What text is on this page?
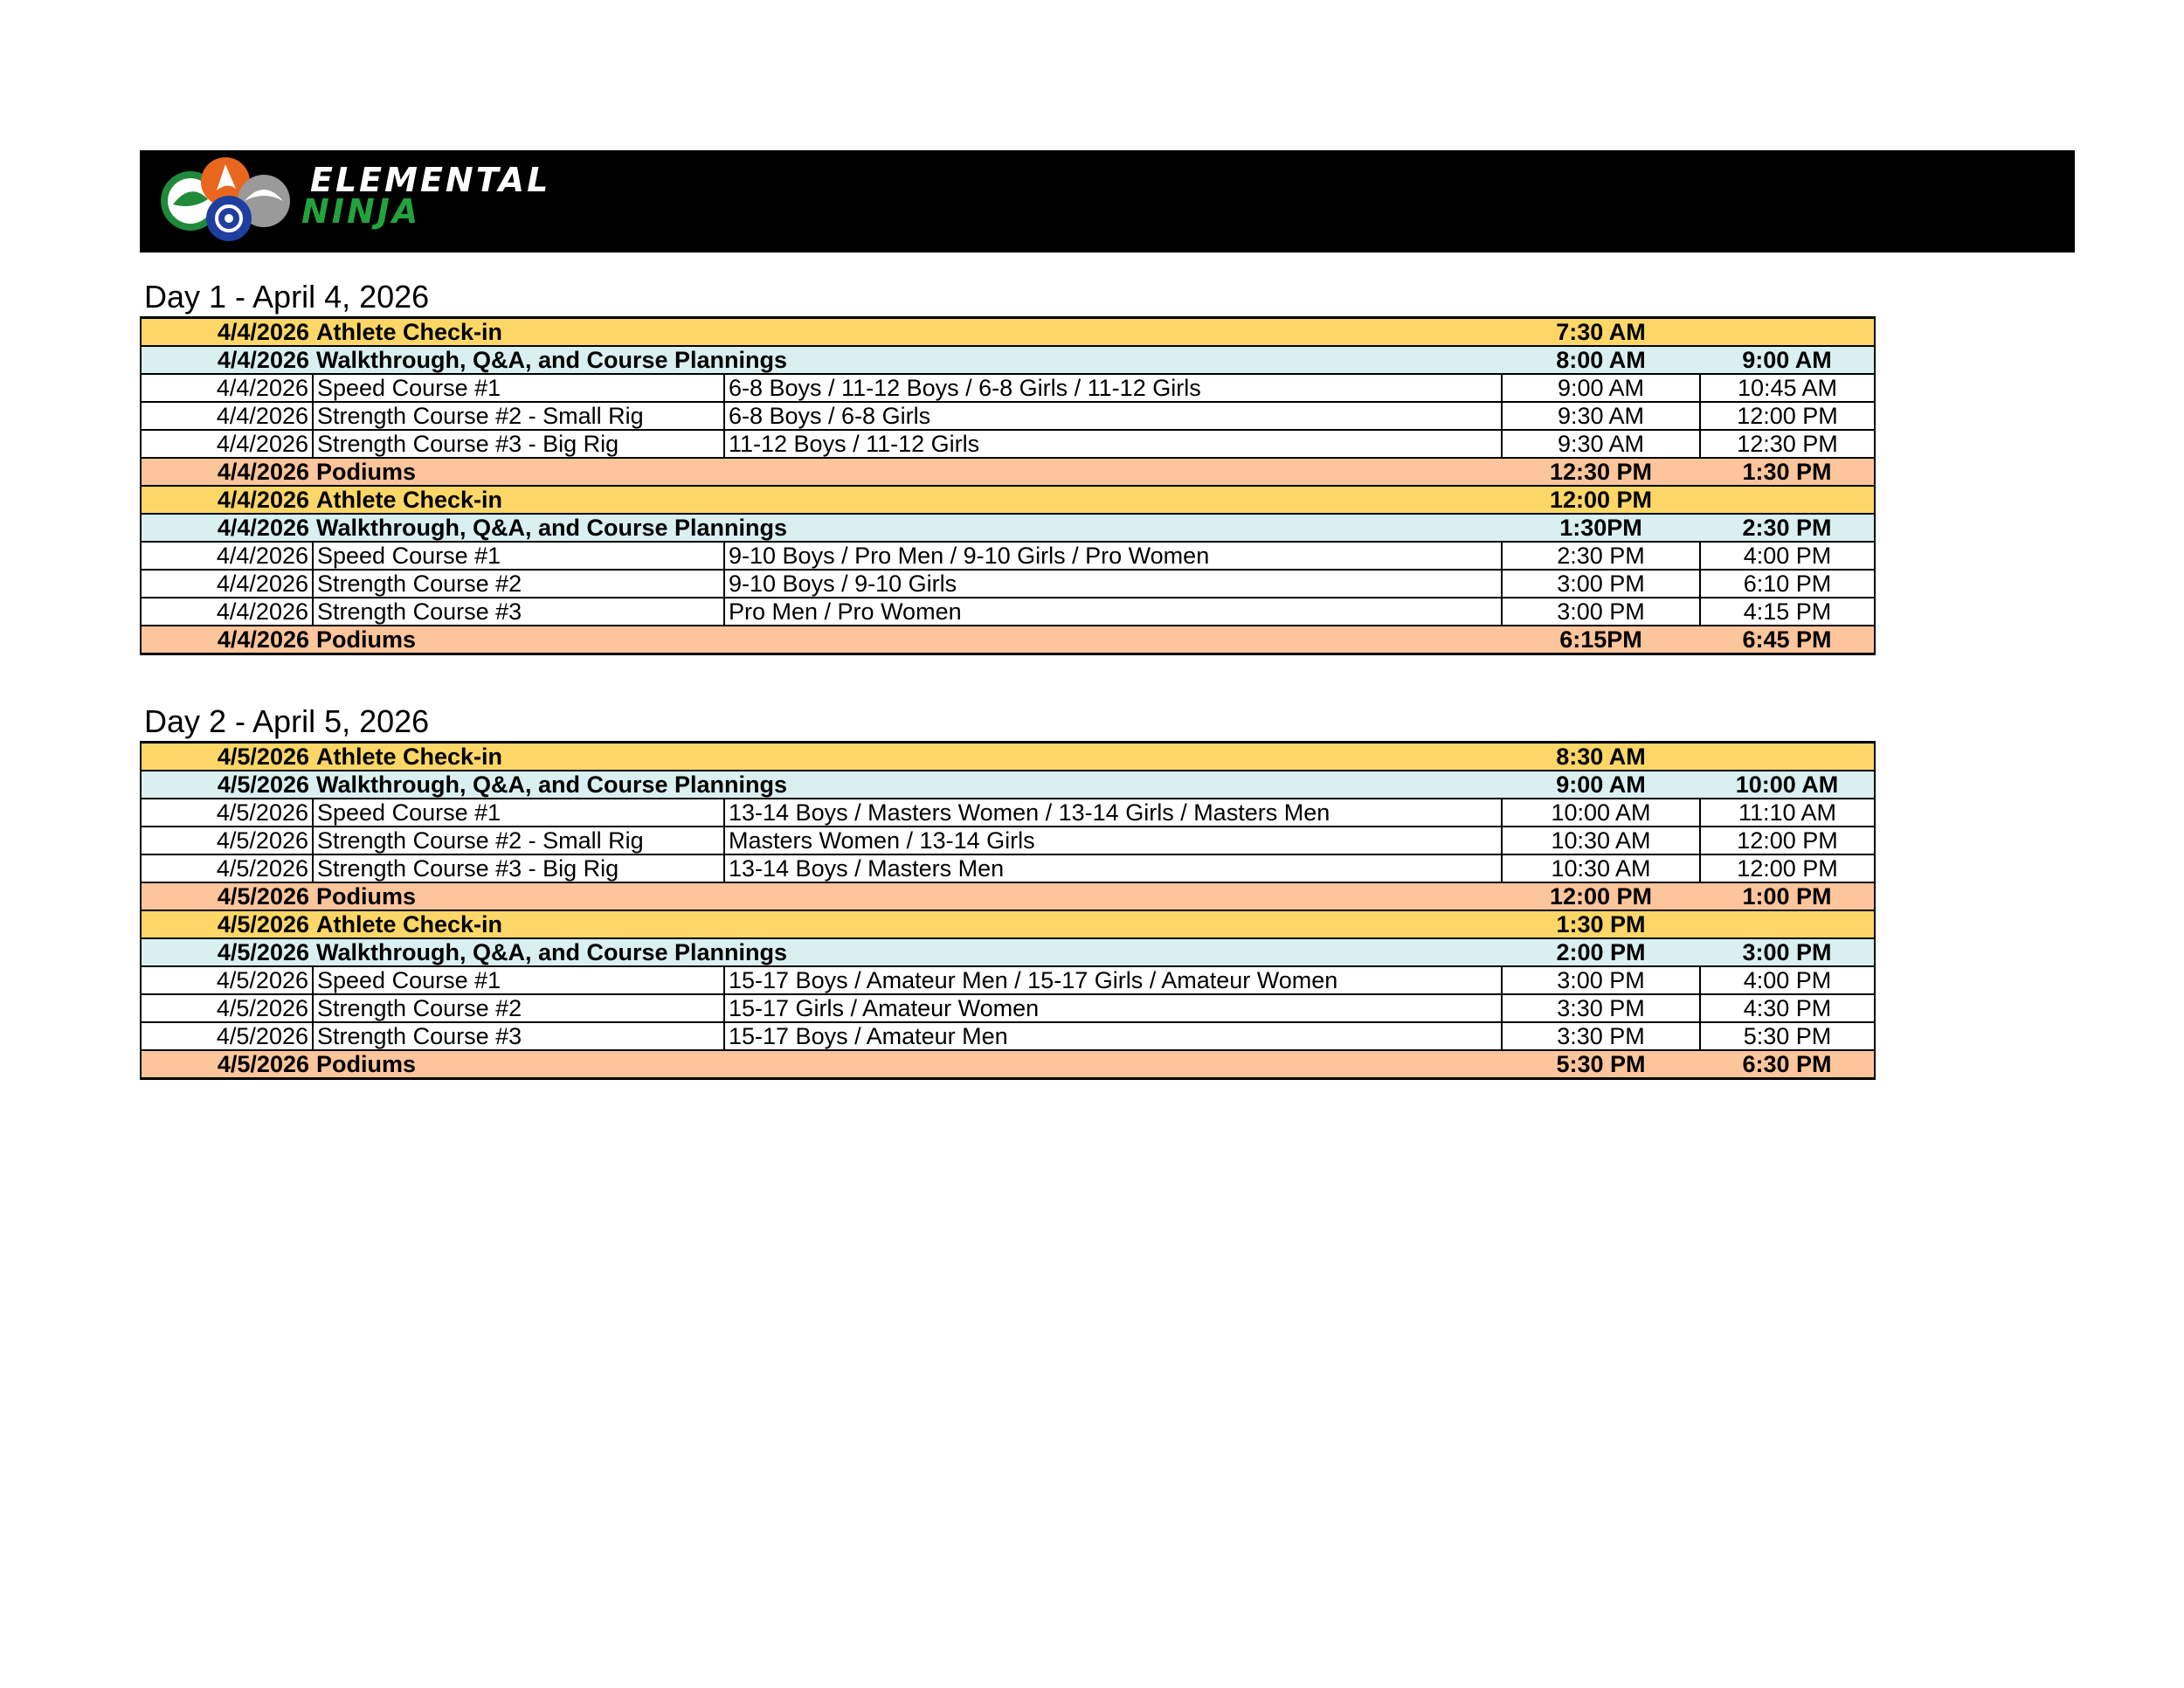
ELEMENTAL
NINJA
Day 1 - April 4, 2026
4/4/2026	Athlete Check-in		7:30 AM	
4/4/2026	Walkthrough, Q&A, and Course Plannings		8:00 AM	9:00 AM
4/4/2026	Speed Course #1	6-8 Boys / 11-12 Boys / 6-8 Girls / 11-12 Girls	9:00 AM	10:45 AM
4/4/2026	Strength Course #2 - Small Rig	6-8 Boys / 6-8 Girls	9:30 AM	12:00 PM
4/4/2026	Strength Course #3 - Big Rig	11-12 Boys / 11-12 Girls	9:30 AM	12:30 PM
4/4/2026	Podiums		12:30 PM	1:30 PM
4/4/2026	Athlete Check-in		12:00 PM	
4/4/2026	Walkthrough, Q&A, and Course Plannings		1:30PM	2:30 PM
4/4/2026	Speed Course #1	9-10 Boys / Pro Men / 9-10 Girls / Pro Women	2:30 PM	4:00 PM
4/4/2026	Strength Course #2	9-10 Boys / 9-10 Girls	3:00 PM	6:10 PM
4/4/2026	Strength Course #3	Pro Men / Pro Women	3:00 PM	4:15 PM
4/4/2026	Podiums		6:15PM	6:45 PM
Day 2 - April 5, 2026
4/5/2026	Athlete Check-in		8:30 AM	
4/5/2026	Walkthrough, Q&A, and Course Plannings		9:00 AM	10:00 AM
4/5/2026	Speed Course #1	13-14 Boys / Masters Women / 13-14 Girls / Masters Men	10:00 AM	11:10 AM
4/5/2026	Strength Course #2 - Small Rig	Masters Women / 13-14 Girls	10:30 AM	12:00 PM
4/5/2026	Strength Course #3 - Big Rig	13-14 Boys / Masters Men	10:30 AM	12:00 PM
4/5/2026	Podiums		12:00 PM	1:00 PM
4/5/2026	Athlete Check-in		1:30 PM	
4/5/2026	Walkthrough, Q&A, and Course Plannings		2:00 PM	3:00 PM
4/5/2026	Speed Course #1	15-17 Boys / Amateur Men / 15-17 Girls / Amateur Women	3:00 PM	4:00 PM
4/5/2026	Strength Course #2	15-17 Girls / Amateur Women	3:30 PM	4:30 PM
4/5/2026	Strength Course #3	15-17 Boys / Amateur Men	3:30 PM	5:30 PM
4/5/2026	Podiums		5:30 PM	6:30 PM
